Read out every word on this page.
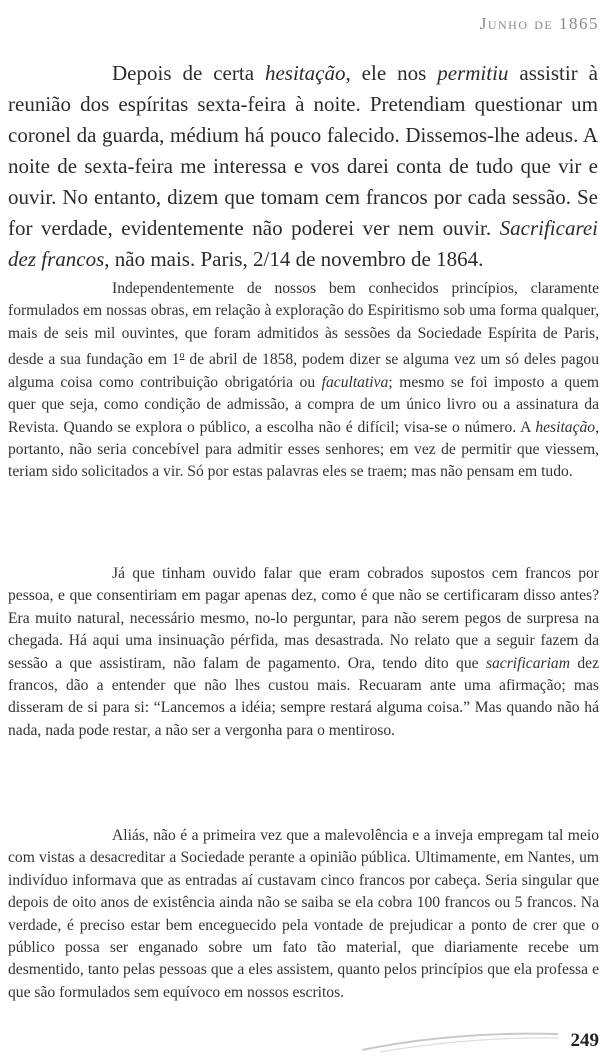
Junho de 1865
Depois de certa hesitação, ele nos permitiu assistir à reunião dos espíritas sexta-feira à noite. Pretendiam questionar um coronel da guarda, médium há pouco falecido. Dissemos-lhe adeus. A noite de sexta-feira me interessa e vos darei conta de tudo que vir e ouvir. No entanto, dizem que tomam cem francos por cada sessão. Se for verdade, evidentemente não poderei ver nem ouvir. Sacrificarei dez francos, não mais. Paris, 2/14 de novembro de 1864.
Independentemente de nossos bem conhecidos princípios, claramente formulados em nossas obras, em relação à exploração do Espiritismo sob uma forma qualquer, mais de seis mil ouvintes, que foram admitidos às sessões da Sociedade Espírita de Paris, desde a sua fundação em 1$^o$ de abril de 1858, podem dizer se alguma vez um só deles pagou alguma coisa como contribuição obrigatória ou facultativa; mesmo se foi imposto a quem quer que seja, como condição de admissão, a compra de um único livro ou a assinatura da Revista. Quando se explora o público, a escolha não é difícil; visa-se o número. A hesitação, portanto, não seria concebível para admitir esses senhores; em vez de permitir que viessem, teriam sido solicitados a vir. Só por estas palavras eles se traem; mas não pensam em tudo.
Já que tinham ouvido falar que eram cobrados supostos cem francos por pessoa, e que consentiriam em pagar apenas dez, como é que não se certificaram disso antes? Era muito natural, necessário mesmo, no-lo perguntar, para não serem pegos de surpresa na chegada. Há aqui uma insinuação pérfida, mas desastrada. No relato que a seguir fazem da sessão a que assistiram, não falam de pagamento. Ora, tendo dito que sacrificariam dez francos, dão a entender que não lhes custou mais. Recuaram ante uma afirmação; mas disseram de si para si: “Lancemos a idéia; sempre restará alguma coisa.” Mas quando não há nada, nada pode restar, a não ser a vergonha para o mentiroso.
Aliás, não é a primeira vez que a malevolência e a inveja empregam tal meio com vistas a desacreditar a Sociedade perante a opinião pública. Ultimamente, em Nantes, um indivíduo informava que as entradas aí custavam cinco francos por cabeça. Seria singular que depois de oito anos de existência ainda não se saiba se ela cobra 100 francos ou 5 francos. Na verdade, é preciso estar bem enceguecido pela vontade de prejudicar a ponto de crer que o público possa ser enganado sobre um fato tão material, que diariamente recebe um desmentido, tanto pelas pessoas que a eles assistem, quanto pelos princípios que ela professa e que são formulados sem equívoco em nossos escritos.
249
